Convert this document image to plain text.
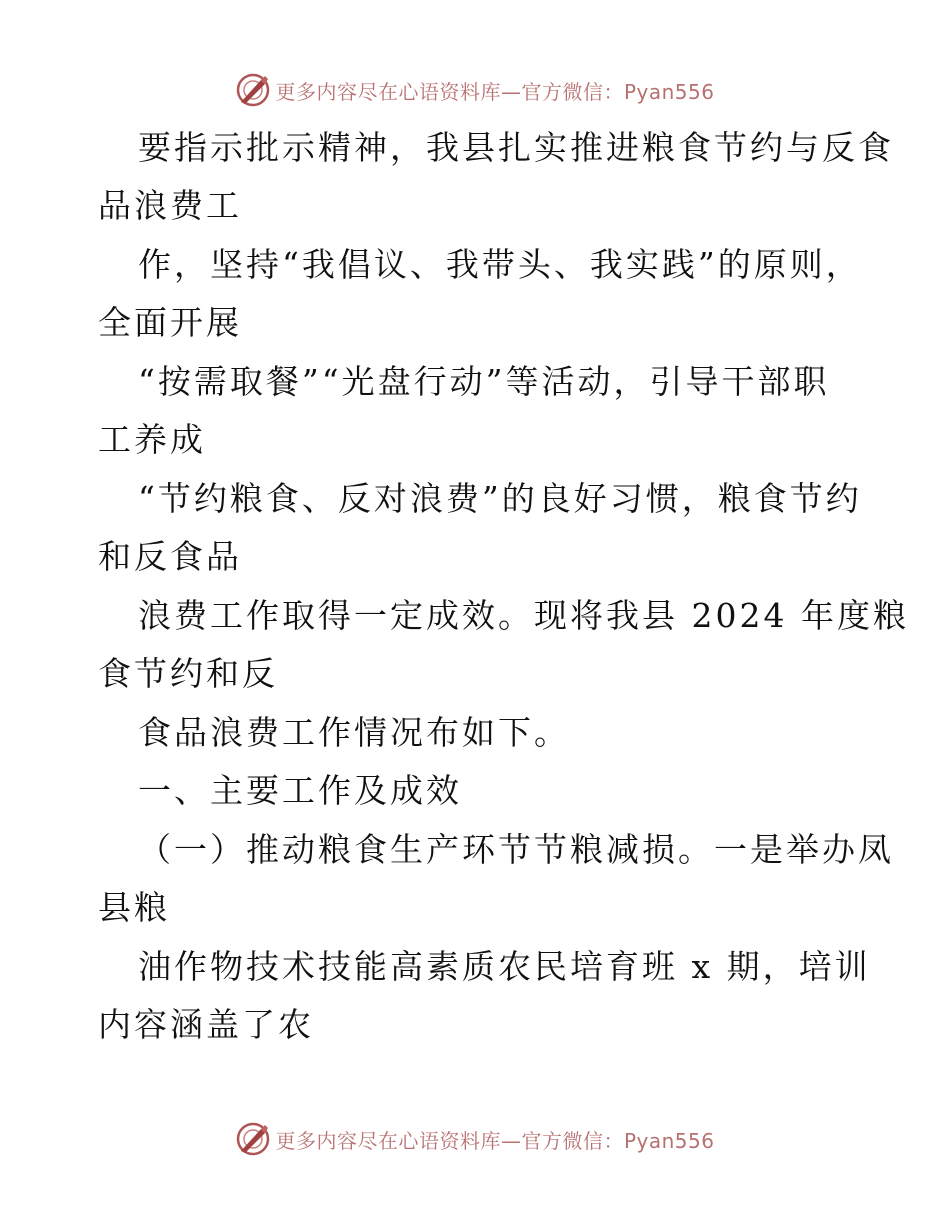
更多内容尽在心语资料库—官方微信：Pyan556
要指示批示精神，我县扎实推进粮食节约与反食
品浪费工
作，坚持“我倡议、我带头、我实践”的原则，
全面开展
“按需取餐”“光盘行动”等活动，引导干部职
工养成
“节约粮食、反对浪费”的良好习惯，粮食节约
和反食品
浪费工作取得一定成效。现将我县 2024 年度粮
食节约和反
食品浪费工作情况布如下。
一、主要工作及成效
（一）推动粮食生产环节节粮减损。一是举办凤
县粮
油作物技术技能高素质农民培育班 x 期，培训
内容涵盖了农
更多内容尽在心语资料库—官方微信：Pyan556
